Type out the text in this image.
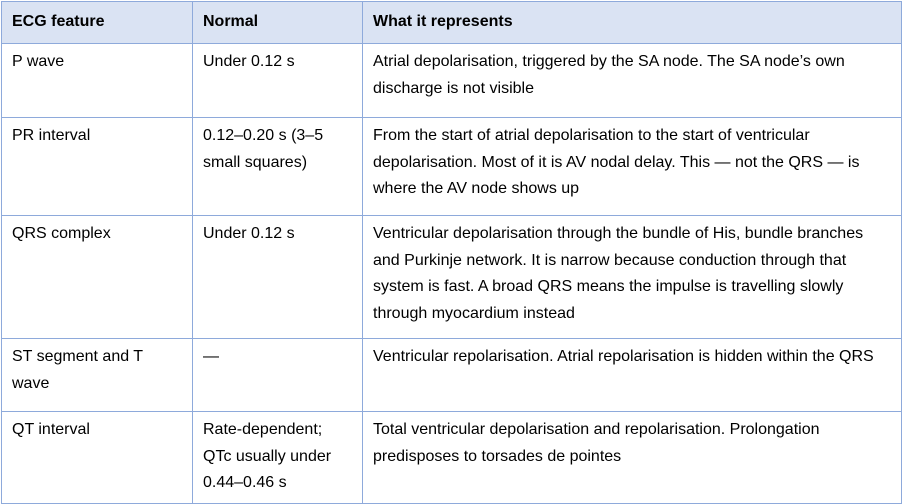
ECG feature	Normal	What it represents
P wave	Under 0.12 s	Atrial depolarisation, triggered by the SA node. The SA node’s own discharge is not visible
PR interval	0.12–0.20 s (3–5 small squares)	From the start of atrial depolarisation to the start of ventricular depolarisation. Most of it is AV nodal delay. This — not the QRS — is where the AV node shows up
QRS complex	Under 0.12 s	Ventricular depolarisation through the bundle of His, bundle branches and Purkinje network. It is narrow because conduction through that system is fast. A broad QRS means the impulse is travelling slowly through myocardium instead
ST segment and T wave	—	Ventricular repolarisation. Atrial repolarisation is hidden within the QRS
QT interval	Rate-dependent; QTc usually under 0.44–0.46 s	Total ventricular depolarisation and repolarisation. Prolongation predisposes to torsades de pointes
